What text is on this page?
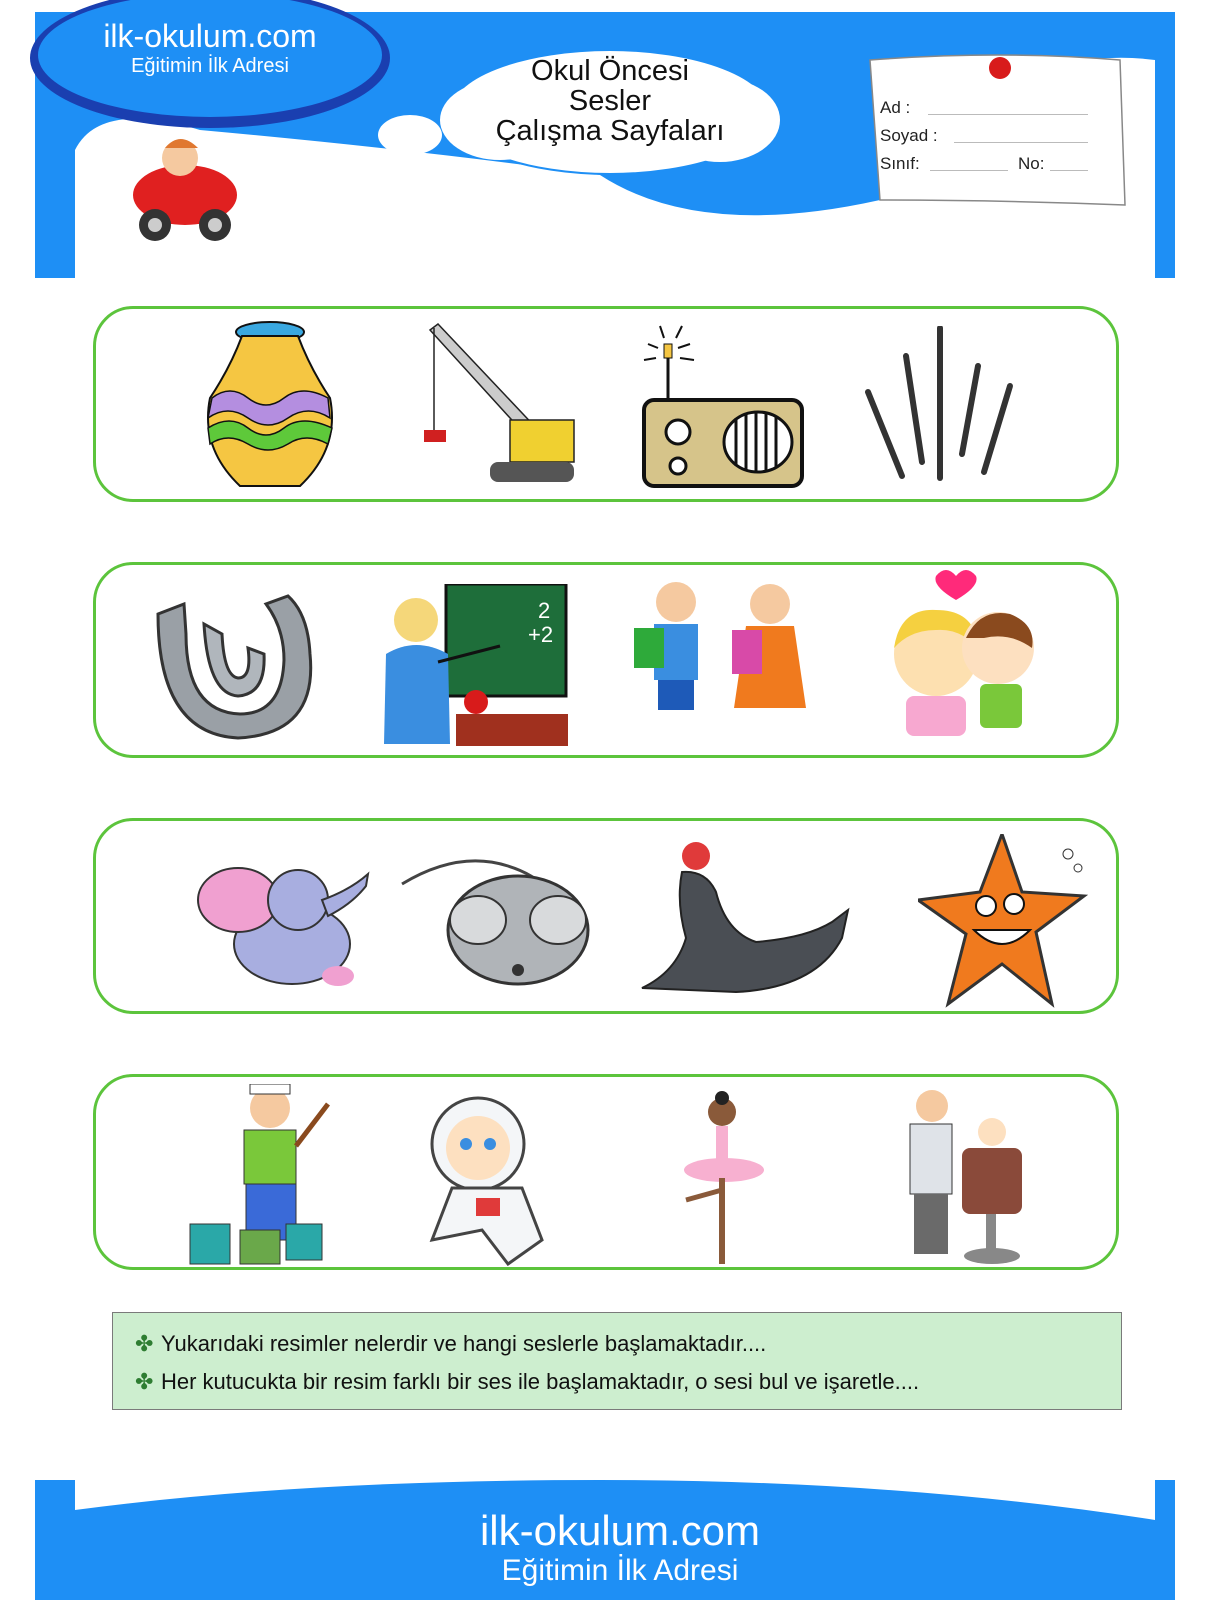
ilk-okulum.com
Eğitimin İlk Adresi	Okul Öncesi
Sesler
Çalışma Sayfaları
Ad :
Soyad :
Sınıf:	No:
2
+2
✤ Yukarıdaki resimler nelerdir ve hangi seslerle başlamaktadır....
✤ Her kutucukta bir resim farklı bir ses ile başlamaktadır, o sesi bul ve işaretle....
ilk-okulum.com
Eğitimin İlk Adresi
